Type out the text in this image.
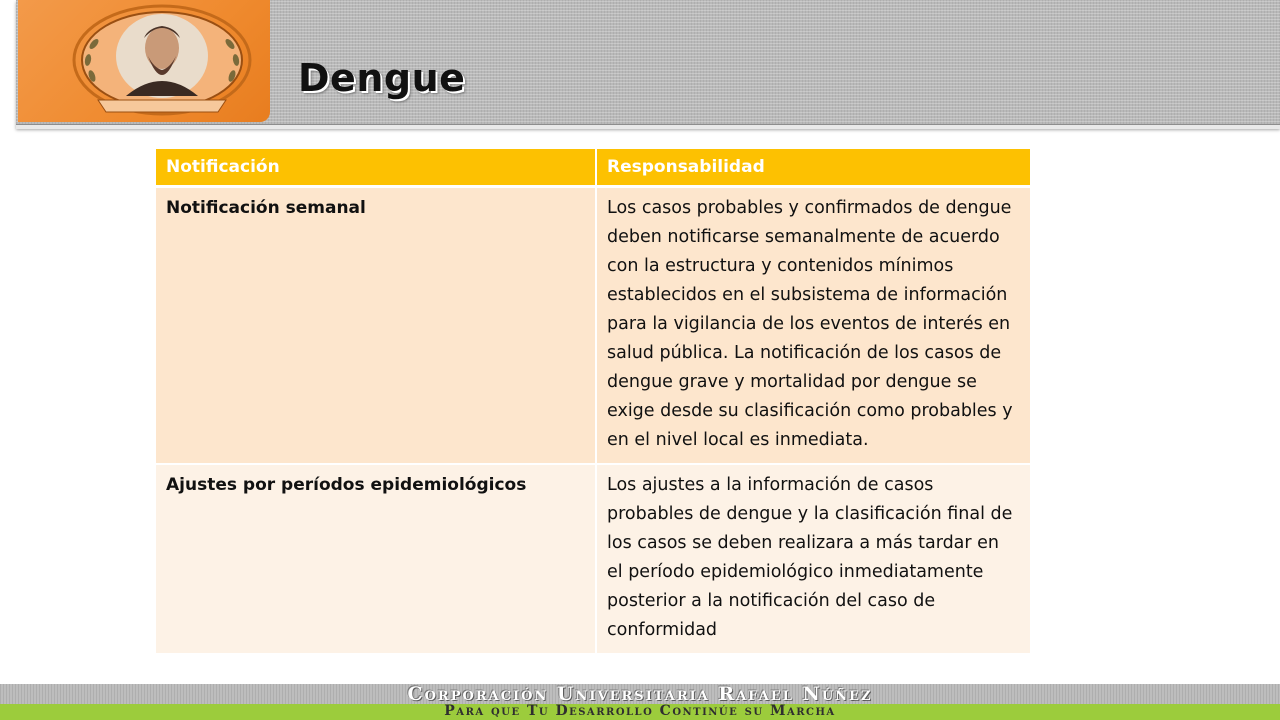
Dengue
Notificación	Responsabilidad
Notificación semanal	Los casos probables y confirmados de dengue deben notificarse semanalmente de acuerdo con la estructura y contenidos mínimos establecidos en el subsistema de información para la vigilancia de los eventos de interés en salud pública. La notificación de los casos de dengue grave y mortalidad por dengue se exige desde su clasificación como probables y en el nivel local es inmediata.
Ajustes por períodos epidemiológicos	Los ajustes a la información de casos probables de dengue y la clasificación final de los casos se deben realizara a más tardar en el período epidemiológico inmediatamente posterior a la notificación del caso de conformidad
Corporación Universitaria Rafael Núñez
Para que Tu Desarrollo Continúe su Marcha
